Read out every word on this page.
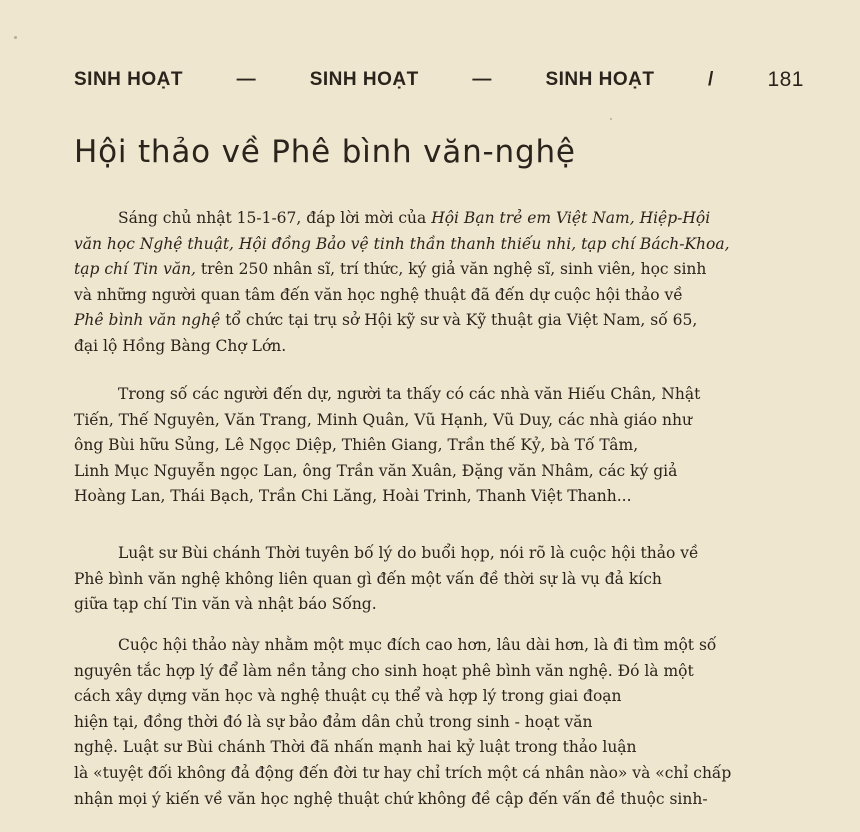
SINH HOẠT	—	SINH HOẠT	—	SINH HOẠT	/	181
Hội thảo về Phê bình văn-nghệ
Sáng chủ nhật 15-1-67, đáp lời mời của Hội Bạn trẻ em Việt Nam, Hiệp-Hội
văn học Nghệ thuật, Hội đồng Bảo vệ tinh thần thanh thiếu nhi, tạp chí Bách-Khoa,
tạp chí Tin văn, trên 250 nhân sĩ, trí thức, ký giả văn nghệ sĩ, sinh viên, học sinh
và những người quan tâm đến văn học nghệ thuật đã đến dự cuộc hội thảo về
Phê bình văn nghệ tổ chức tại trụ sở Hội kỹ sư và Kỹ thuật gia Việt Nam, số 65,
đại lộ Hồng Bàng Chợ Lớn.
Trong số các người đến dự, người ta thấy có các nhà văn Hiếu Chân, Nhật
Tiến, Thế Nguyên, Văn Trang, Minh Quân, Vũ Hạnh, Vũ Duy, các nhà giáo như
ông Bùi hữu Sủng, Lê Ngọc Diệp, Thiên Giang, Trần thế Kỷ, bà Tố Tâm,
Linh Mục Nguyễn ngọc Lan, ông Trần văn Xuân, Đặng văn Nhâm, các ký giả
Hoàng Lan, Thái Bạch, Trần Chi Lăng, Hoài Trinh, Thanh Việt Thanh...
Luật sư Bùi chánh Thời tuyên bố lý do buổi họp, nói rõ là cuộc hội thảo về
Phê bình văn nghệ không liên quan gì đến một vấn đề thời sự là vụ đả kích
giữa tạp chí Tin văn và nhật báo Sống.
Cuộc hội thảo này nhằm một mục đích cao hơn, lâu dài hơn, là đi tìm một số
nguyên tắc hợp lý để làm nền tảng cho sinh hoạt phê bình văn nghệ. Đó là một
cách xây dựng văn học và nghệ thuật cụ thể và hợp lý trong giai đoạn
hiện tại, đồng thời đó là sự bảo đảm dân chủ trong sinh - hoạt văn
nghệ. Luật sư Bùi chánh Thời đã nhấn mạnh hai kỷ luật trong thảo luận
là «tuyệt đối không đả động đến đời tư hay chỉ trích một cá nhân nào» và «chỉ chấp
nhận mọi ý kiến về văn học nghệ thuật chứ không đề cập đến vấn đề thuộc sinh-
